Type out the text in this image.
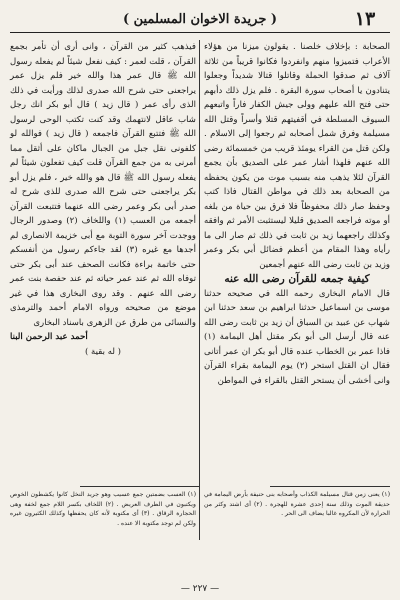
١٣
( جريدة الاخوان المسلمين )

الصحابة : بإخلاف خلصنا . يقولون ميزنا من هؤلاء الأعراب فتميزوا منهم وانفردوا فكانوا قريباً من ثلاثة آلاف ثم صدقوا الحملة وقاتلوا قتالا شديداً وجعلوا يتنادون يا أصحاب سورة البقرة . فلم يزل ذلك دأبهم حتى فتح الله عليهم وولى جيش الكفار فاراً واتبعهم السيوف المسلطة في أقفيتهم قتلا وأسراً وقتل الله مسيلمة وفرق شمل أصحابه ثم رجعوا إلى الاسلام . ولكن قتل من القراء يومئذ قريب من خمسمائة رضى الله عنهم فلهذا أشار عمر على الصديق بأن يجمع القرآن لئلا يذهب منه بسبب موت من يكون يحفظه من الصحابة بعد ذلك في مواطن القتال فاذا كتب وحفظ صار ذلك محفوظاً فلا فرق بين حياة من بلغه أو موته فراجعه الصديق قليلا ليستثبت الأمر ثم وافقه وكذلك راجعهما زيد بن ثابت في ذلك ثم صار الى ما رأياه وهذا المقام من أعظم فضائل أبي بكر وعمر وزيد بن ثابت رضى الله عنهم أجمعين

كيفية جمعه للقرآن رضى الله عنه

قال الامام البخارى رحمه الله في صحيحه حدثنا موسى بن اسماعيل حدثنا ابراهيم بن سعد حدثنا ابن شهاب عن عبيد بن السباق أن زيد بن ثابت رضى الله عنه قال أرسل الى أبو بكر مقتل أهل اليمامة (١) فاذا عمر بن الخطاب عنده قال أبو بكر ان عمر أتانى فقال ان القتل استحر (٢) يوم اليمامة بقراء القرآن وانى أخشى أن يستحر القتل بالقراء في المواطن

فيذهب كثير من القرآن ، وانى أرى أن تأمر بجمع القرآن ، قلت لعمر : كيف نفعل شيئاً لم يفعله رسول الله ﷺ قال عمر هذا والله خير فلم يزل عمر يراجعنى حتى شرح الله صدرى لذلك ورأيت في ذلك الذى رأى عمر ( قال زيد ) قال أبو بكر انك رجل شاب عاقل لانتهمك وقد كنت تكتب الوحى لرسول الله ﷺ فتتبع القرآن فاجمعه ( قال زيد ) فوالله لو كلفونى نقل جبل من الجبال ماكان على أثقل مما أمرنى به من جمع القرآن قلت كيف تفعلون شيئاً لم يفعله رسول الله ﷺ قال هو والله خير ، فلم يزل أبو بكر يراجعنى حتى شرح الله صدرى للذى شرح له صدر أبى بكر وعمر رضى الله عنهما فتتبعت القرآن أجمعه من العسب (١) واللخاف (٢) وصدور الرجال ووجدت آخر سورة التوبة مع أبى خزيمة الانصارى لم أجدها مع غيره (٣) لقد جاءكم رسول من أنفسكم حتى خاتمة براءة فكانت الصحف عند أبى بكر حتى توفاه الله ثم عند عمر حياته ثم عند حفصة بنت عمر رضى الله عنهم . وقد روى البخارى هذا في غير موضع من صحيحه ورواه الامام أحمد والترمذى والنسائى من طرق عن الزهرى باسناد البخارى

أحمد عبد الرحمن البنا

( له بقية )

(١) يعنى زمن قتال مسيلمة الكذاب وأصحابه بنى حنيفة بأرض اليمامة في حديقة الموت وذلك سنة إحدى عشرة للهجرة . (٢) أى اشتد وكثر من الحرارة لأن المكروه غالبا يضاف الى الحر .
(١) العسب بضمتين جمع عسيب وهو جريد النخل كانوا يكشطون الخوص ويكتبون في الطرف العريض . (٢) اللخاف بكسر اللام جمع لخفة وهى الحجارة الرقاق . (٣) أى مكتوبة لأنه كان يحفظها وكذلك الكثيرون غيره ولكن لم توجد مكتوبة الا عنده .
— ٢٢٧ —
